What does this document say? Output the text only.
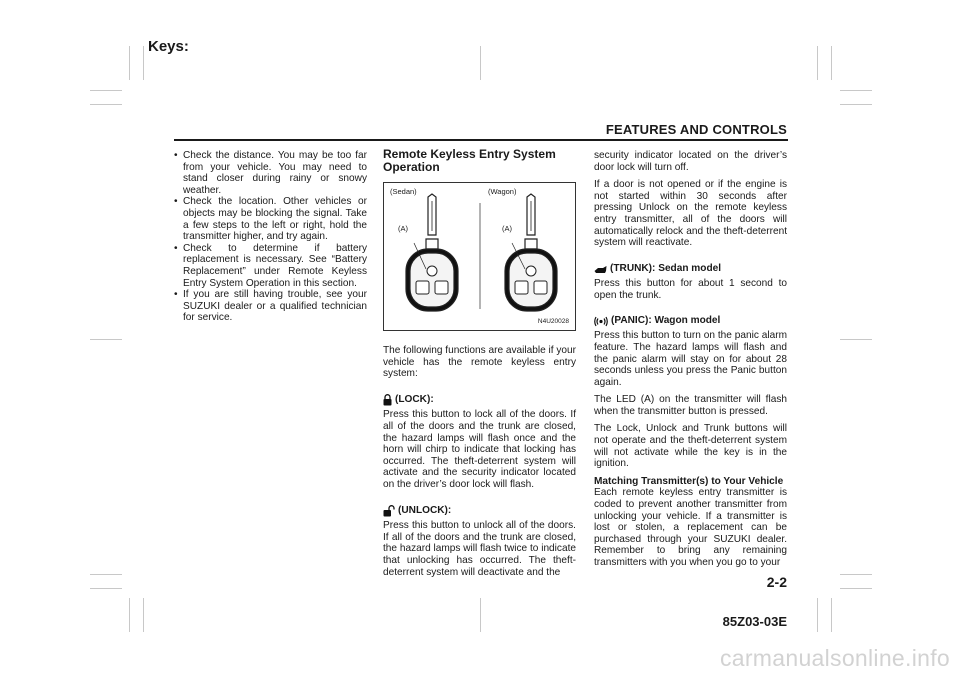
Keys:
FEATURES AND CONTROLS
• Check the distance. You may be too far from your vehicle. You may need to stand closer during rainy or snowy weather.
• Check the location. Other vehicles or objects may be blocking the signal. Take a few steps to the left or right, hold the transmitter higher, and try again.
• Check to determine if battery replacement is necessary. See “Battery Replacement” under Remote Keyless Entry System Operation in this section.
• If you are still having trouble, see your SUZUKI dealer or a qualified technician for service.
Remote Keyless Entry System Operation
(Sedan)	(Wagon)
(A)	(A)
N4U20028
The following functions are available if your vehicle has the remote keyless entry system:
(LOCK):
Press this button to lock all of the doors. If all of the doors and the trunk are closed, the hazard lamps will flash once and the horn will chirp to indicate that locking has occurred. The theft-deterrent system will activate and the security indicator located on the driver’s door lock will flash.
(UNLOCK):
Press this button to unlock all of the doors. If all of the doors and the trunk are closed, the hazard lamps will flash twice to indicate that unlocking has occurred. The theft-deterrent system will deactivate and the
security indicator located on the driver’s door lock will turn off.
If a door is not opened or if the engine is not started within 30 seconds after pressing Unlock on the remote keyless entry transmitter, all of the doors will automatically relock and the theft-deterrent system will reactivate.
(TRUNK): Sedan model
Press this button for about 1 second to open the trunk.
(PANIC): Wagon model
Press this button to turn on the panic alarm feature. The hazard lamps will flash and the panic alarm will stay on for about 28 seconds unless you press the Panic button again.
The LED (A) on the transmitter will flash when the transmitter button is pressed.
The Lock, Unlock and Trunk buttons will not operate and the theft-deterrent system will not activate while the key is in the ignition.
Matching Transmitter(s) to Your Vehicle
Each remote keyless entry transmitter is coded to prevent another transmitter from unlocking your vehicle. If a transmitter is lost or stolen, a replacement can be purchased through your SUZUKI dealer. Remember to bring any remaining transmitters with you when you go to your
2-2
85Z03-03E
carmanualsonline.info
